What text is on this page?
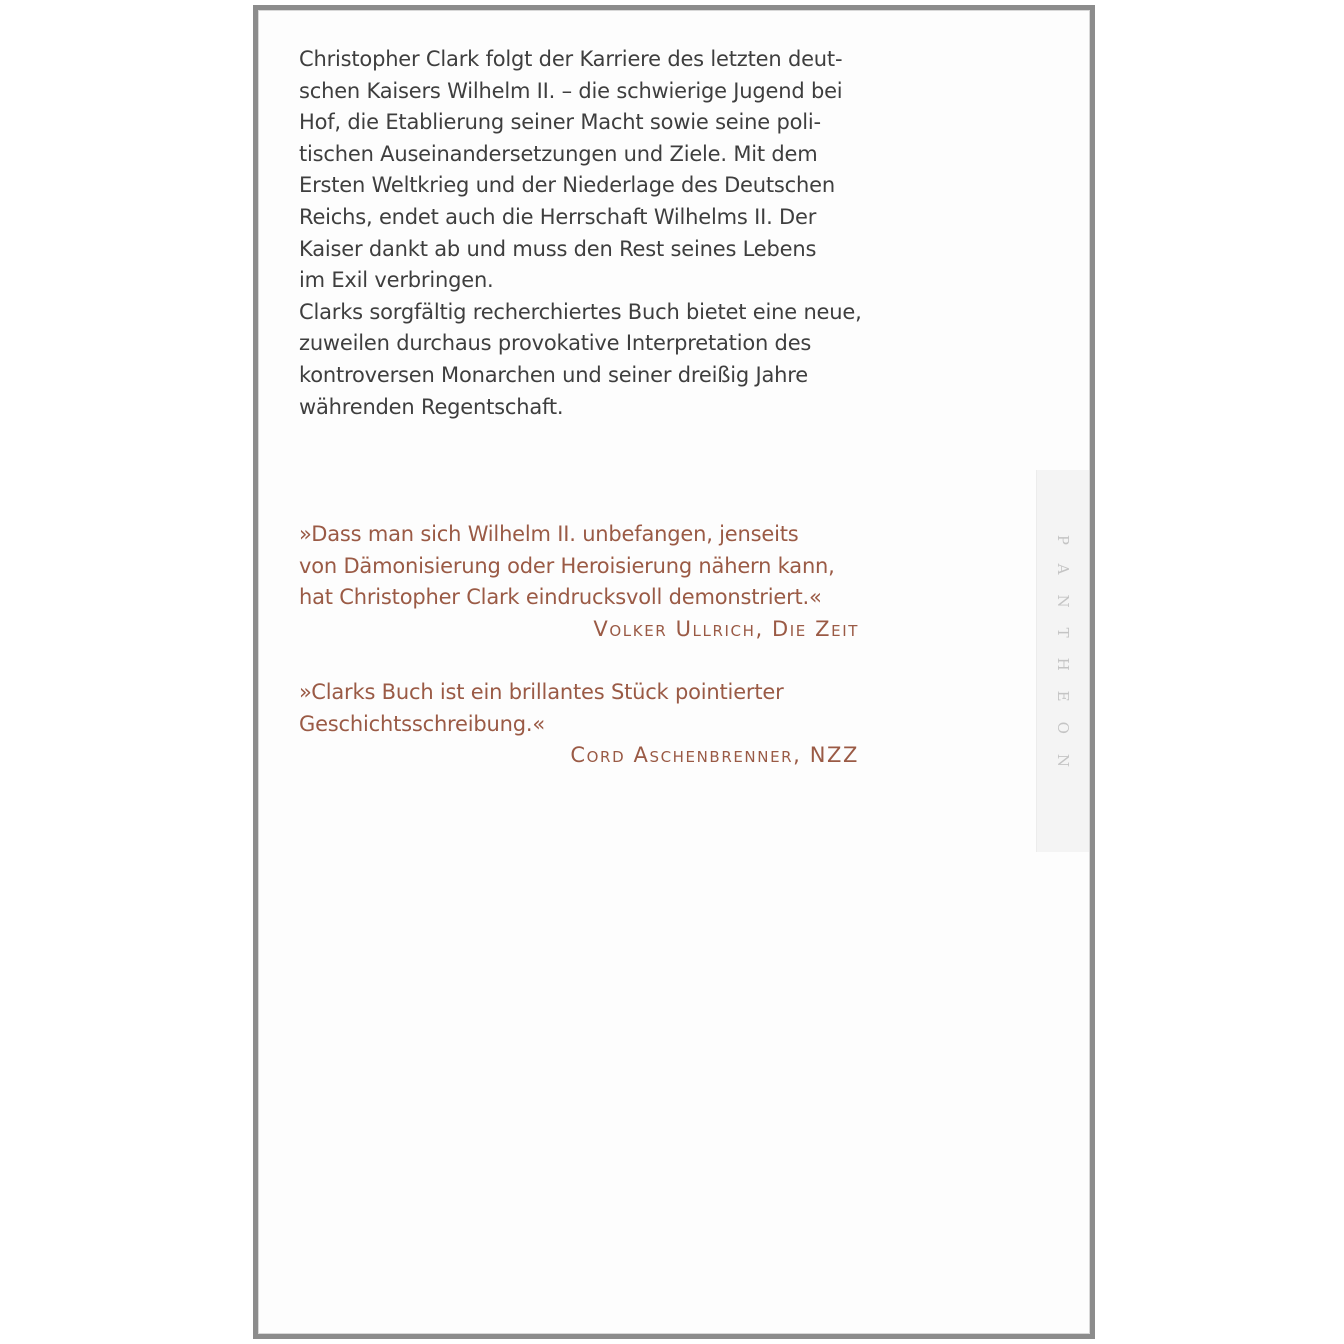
Christopher Clark folgt der Karriere des letzten deut-
schen Kaisers Wilhelm II. – die schwierige Jugend bei
Hof, die Etablierung seiner Macht sowie seine poli-
tischen Auseinandersetzungen und Ziele. Mit dem
Ersten Weltkrieg und der Niederlage des Deutschen
Reichs, endet auch die Herrschaft Wilhelms II. Der
Kaiser dankt ab und muss den Rest seines Lebens
im Exil verbringen.
Clarks sorgfältig recherchiertes Buch bietet eine neue,
zuweilen durchaus provokative Interpretation des
kontroversen Monarchen und seiner dreißig Jahre
währenden Regentschaft.
»Dass man sich Wilhelm II. unbefangen, jenseits
von Dämonisierung oder Heroisierung nähern kann,
hat Christopher Clark eindrucksvoll demonstriert.«
Volker Ullrich, Die Zeit
»Clarks Buch ist ein brillantes Stück pointierter
Geschichtsschreibung.«
Cord Aschenbrenner, NZZ	PANTHEON
